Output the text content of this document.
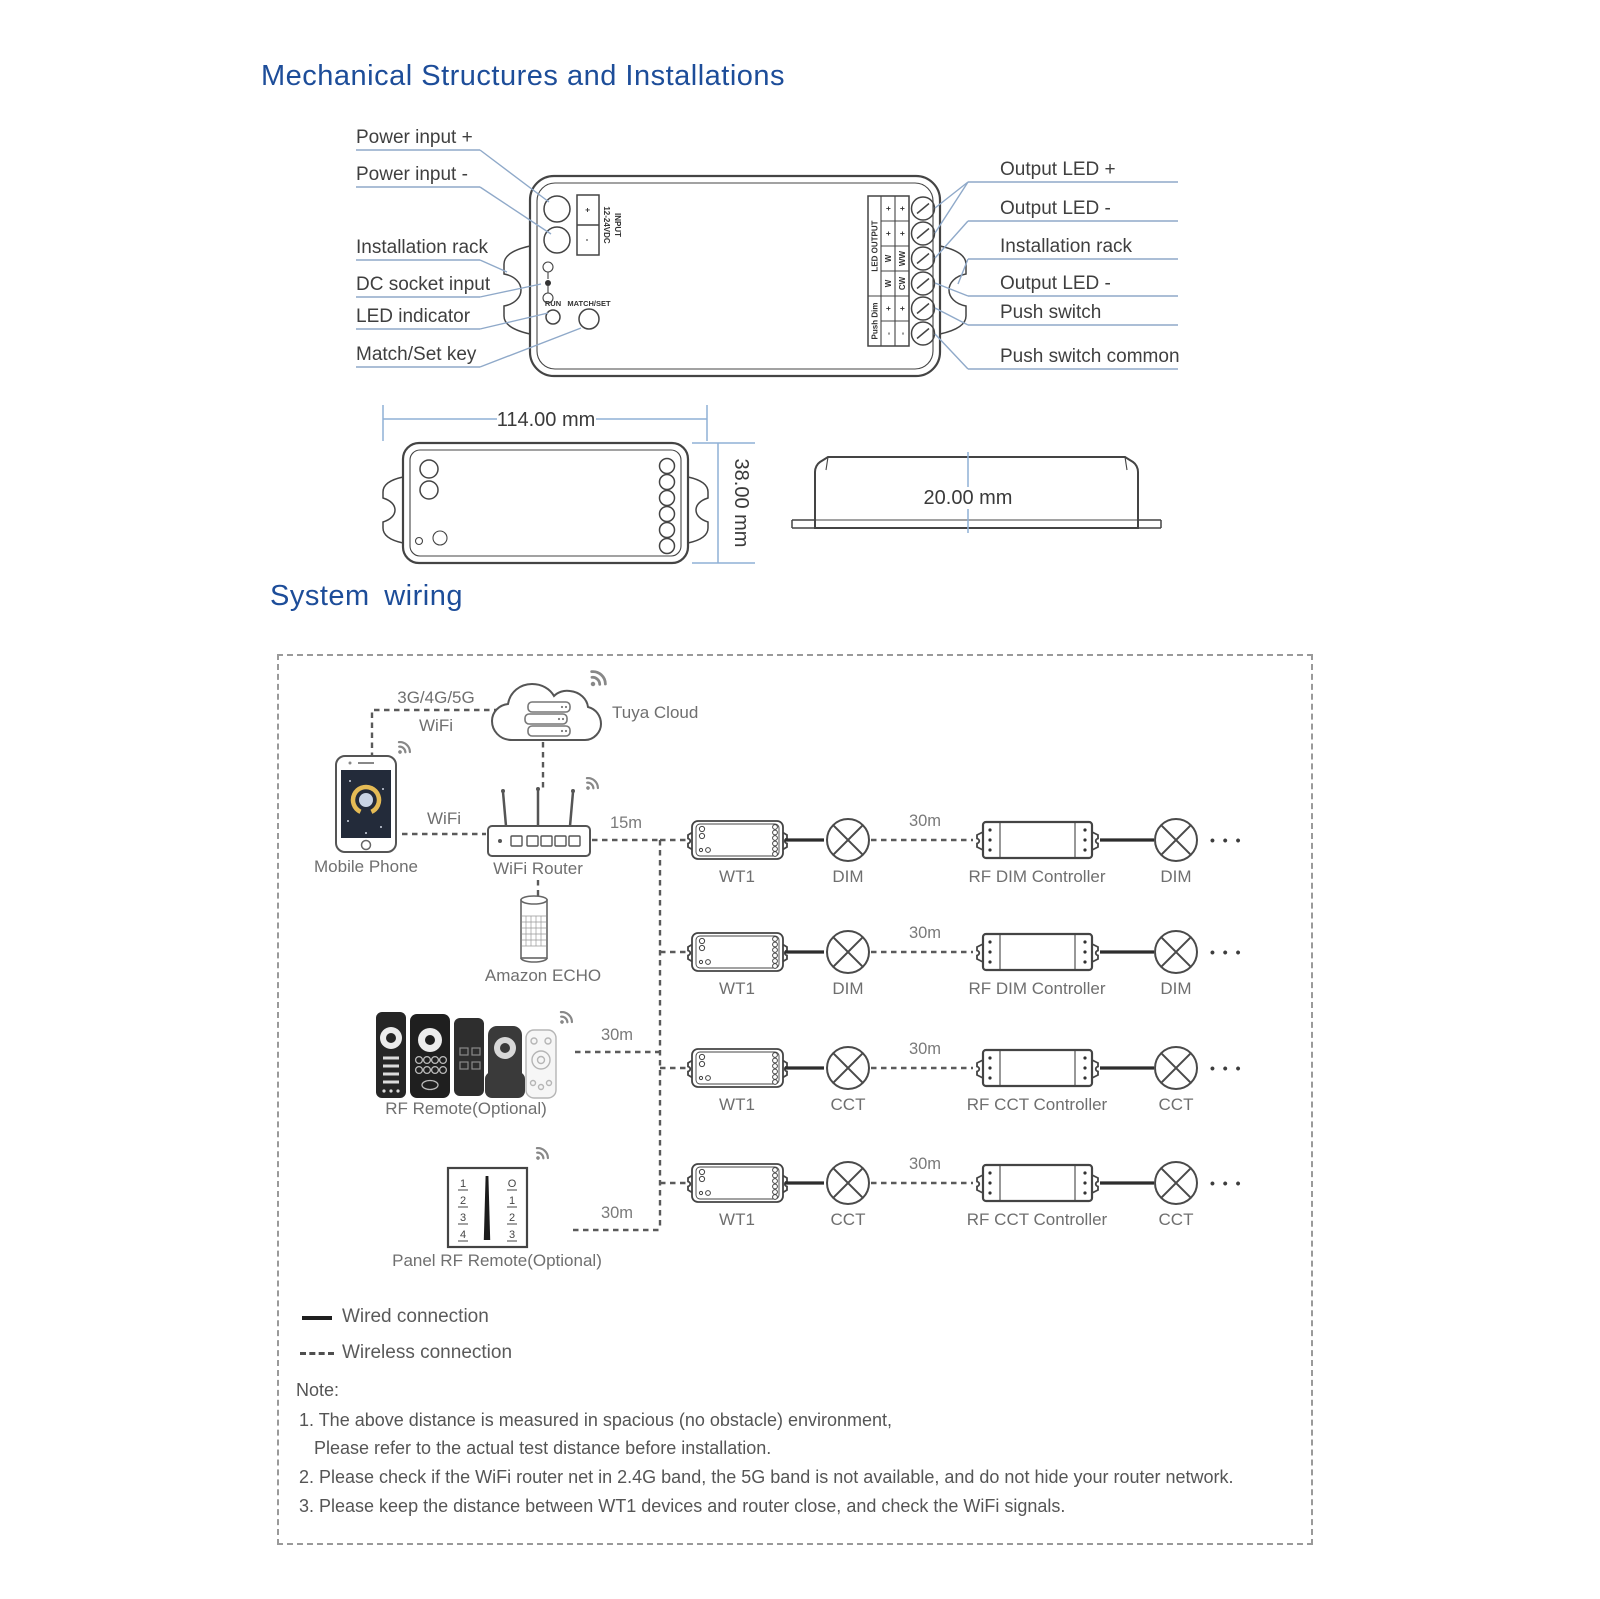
Mechanical Structures and Installations
+
-
INPUT
12-24VDC
RUN MATCH/SET
LED OUTPUT
Push Dim
+
+
W
W
+
-
+
+
WW
CW
+
-
Power input +
Power input -
Installation rack
DC socket input
LED indicator
Match/Set key
Output LED +
Output LED -
Installation rack
Output LED -
Push switch
Push switch common
114.00 mm
38.00 mm	20.00 mm
System wiring
3G/4G/5G
WiFi
WiFi	15m
30m
30m
Tuya Cloud
Mobile Phone	WiFi Router
Amazon ECHO
RF Remote(Optional)
1
2
3
4
O
1
2
3
Panel RF Remote(Optional)
WT1	DIM
30m
RF DIM Controller	DIM
• • •
WT1	DIM
30m
RF DIM Controller	DIM
• • •
WT1	CCT
30m
RF CCT Controller	CCT
• • •
WT1	CCT
30m
RF CCT Controller	CCT
• • •
Wired connection
Wireless connection
Note:
1. The above distance is measured in spacious (no obstacle) environment,
Please refer to the actual test distance before installation.
2. Please check if the WiFi router net in 2.4G band, the 5G band is not available, and do not hide your router network.
3. Please keep the distance between WT1 devices and router close, and check the WiFi signals.
